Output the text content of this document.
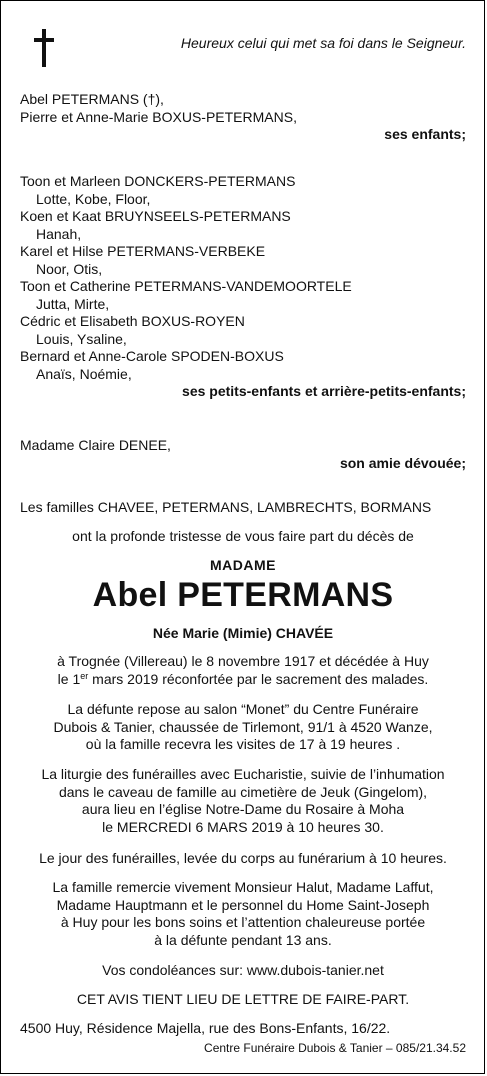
Heureux celui qui met sa foi dans le Seigneur.
Abel PETERMANS (†),
Pierre et Anne-Marie BOXUS-PETERMANS,
ses enfants;
Toon et Marleen DONCKERS-PETERMANS
Lotte, Kobe, Floor,
Koen et Kaat BRUYNSEELS-PETERMANS
Hanah,
Karel et Hilse PETERMANS-VERBEKE
Noor, Otis,
Toon et Catherine PETERMANS-VANDEMOORTELE
Jutta, Mirte,
Cédric et Elisabeth BOXUS-ROYEN
Louis, Ysaline,
Bernard et Anne-Carole SPODEN-BOXUS
Anaïs, Noémie,
ses petits-enfants et arrière-petits-enfants;
Madame Claire DENEE,
son amie dévouée;
Les familles CHAVEE, PETERMANS, LAMBRECHTS, BORMANS
ont la profonde tristesse de vous faire part du décès de
MADAME
Abel PETERMANS
Née Marie (Mimie) CHAVÉE
à Trognée (Villereau) le 8 novembre 1917 et décédée à Huy
le 1er mars 2019 réconfortée par le sacrement des malades.
La défunte repose au salon “Monet” du Centre Funéraire
Dubois & Tanier, chaussée de Tirlemont, 91/1 à 4520 Wanze,
où la famille recevra les visites de 17 à 19 heures .
La liturgie des funérailles avec Eucharistie, suivie de l’inhumation
dans le caveau de famille au cimetière de Jeuk (Gingelom),
aura lieu en l’église Notre-Dame du Rosaire à Moha
le MERCREDI 6 MARS 2019 à 10 heures 30.
Le jour des funérailles, levée du corps au funérarium à 10 heures.
La famille remercie vivement Monsieur Halut, Madame Laffut,
Madame Hauptmann et le personnel du Home Saint-Joseph
à Huy pour les bons soins et l’attention chaleureuse portée
à la défunte pendant 13 ans.
Vos condoléances sur: www.dubois-tanier.net
CET AVIS TIENT LIEU DE LETTRE DE FAIRE-PART.
4500 Huy, Résidence Majella, rue des Bons-Enfants, 16/22.
Centre Funéraire Dubois & Tanier – 085/21.34.52
